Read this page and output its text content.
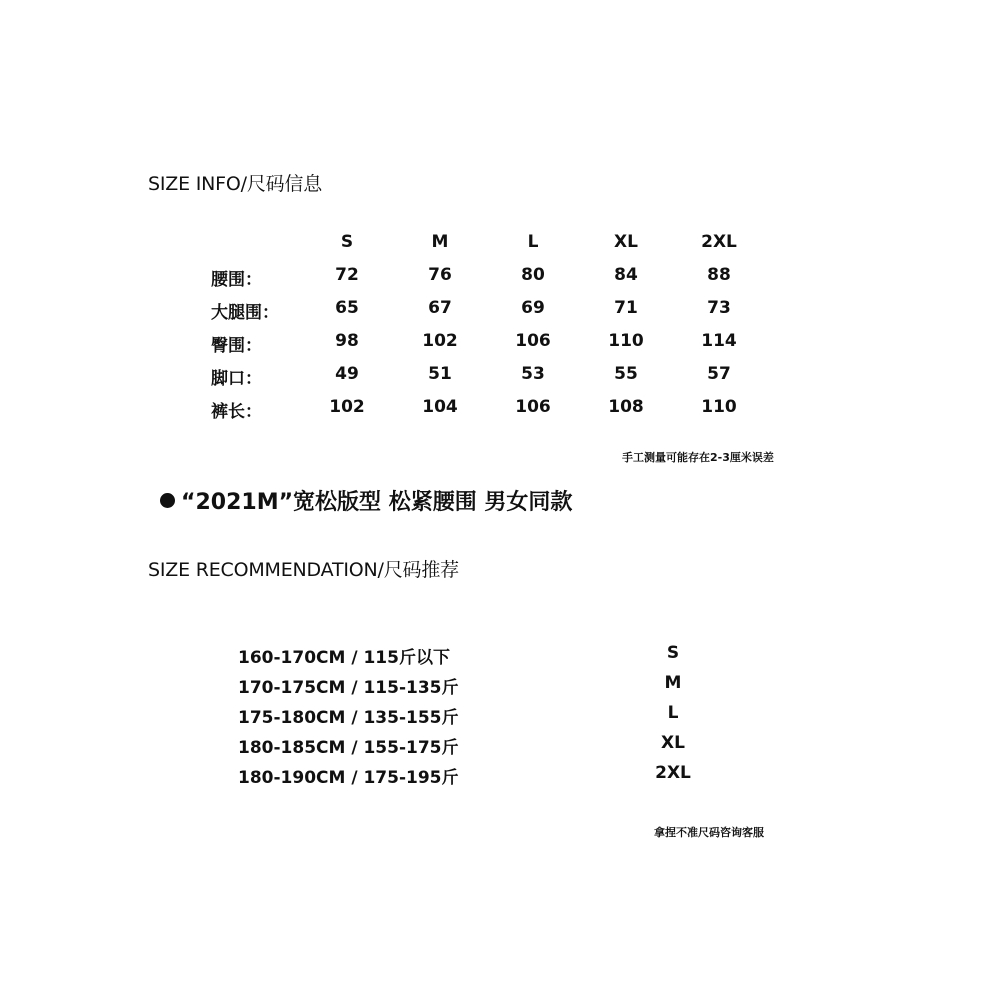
SIZE INFO/尺码信息
S	M	L	XL	2XL
腰围：	72	76	80	84	88
大腿围：	65	67	69	71	73
臀围：	98	102	106	110	114
脚口：	49	51	53	55	57
裤长：	102	104	106	108	110
手工测量可能存在2-3厘米误差
“2021M”宽松版型 松紧腰围 男女同款
SIZE RECOMMENDATION/尺码推荐
160-170CM / 115斤以下	S
170-175CM / 115-135斤	M
175-180CM / 135-155斤	L
180-185CM / 155-175斤	XL
180-190CM / 175-195斤	2XL
拿捏不准尺码咨询客服
